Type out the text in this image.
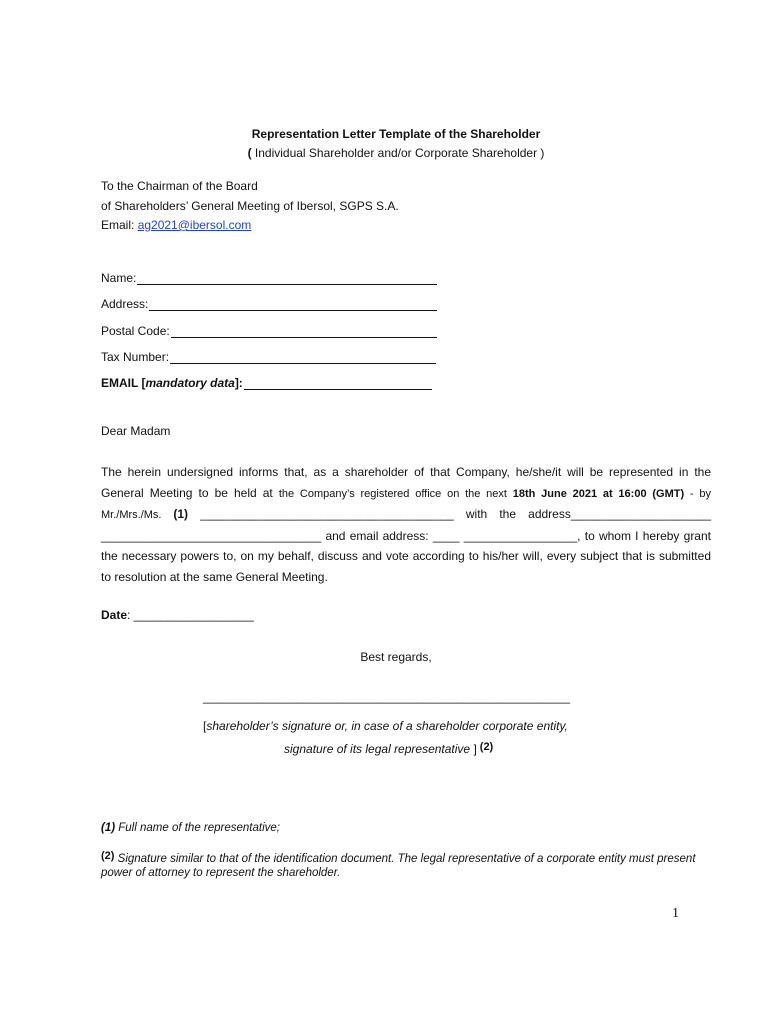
Representation Letter Template of the Shareholder
( Individual Shareholder and/or Corporate Shareholder )
To the Chairman of the Board
of Shareholders’ General Meeting of Ibersol, SGPS S.A.
Email: ag2021@ibersol.com
Name:
Address:
Postal Code:
Tax Number:
EMAIL [ mandatory data ]:
Dear Madam
The herein undersigned informs that, as a shareholder of that Company, he/she/it will be represented in the General Meeting to be held at the Company’s registered office on the next 18th June 2021 at 16:00 (GMT) - by Mr./Mrs./Ms. (1) ______________________________________ with the address_____________________ _________________________________ and email address: ____ _________________, to whom I hereby grant the necessary powers to, on my behalf, discuss and vote according to his/her will, every subject that is submitted to resolution at the same General Meeting.
Date: __________________
Best regards,
_______________________________________________________
[shareholder’s signature or, in case of a shareholder corporate entity,
signature of its legal representative ] (2)
(1) Full name of the representative;
(2) Signature similar to that of the identification document. The legal representative of a corporate entity must present power of attorney to represent the shareholder.
1
